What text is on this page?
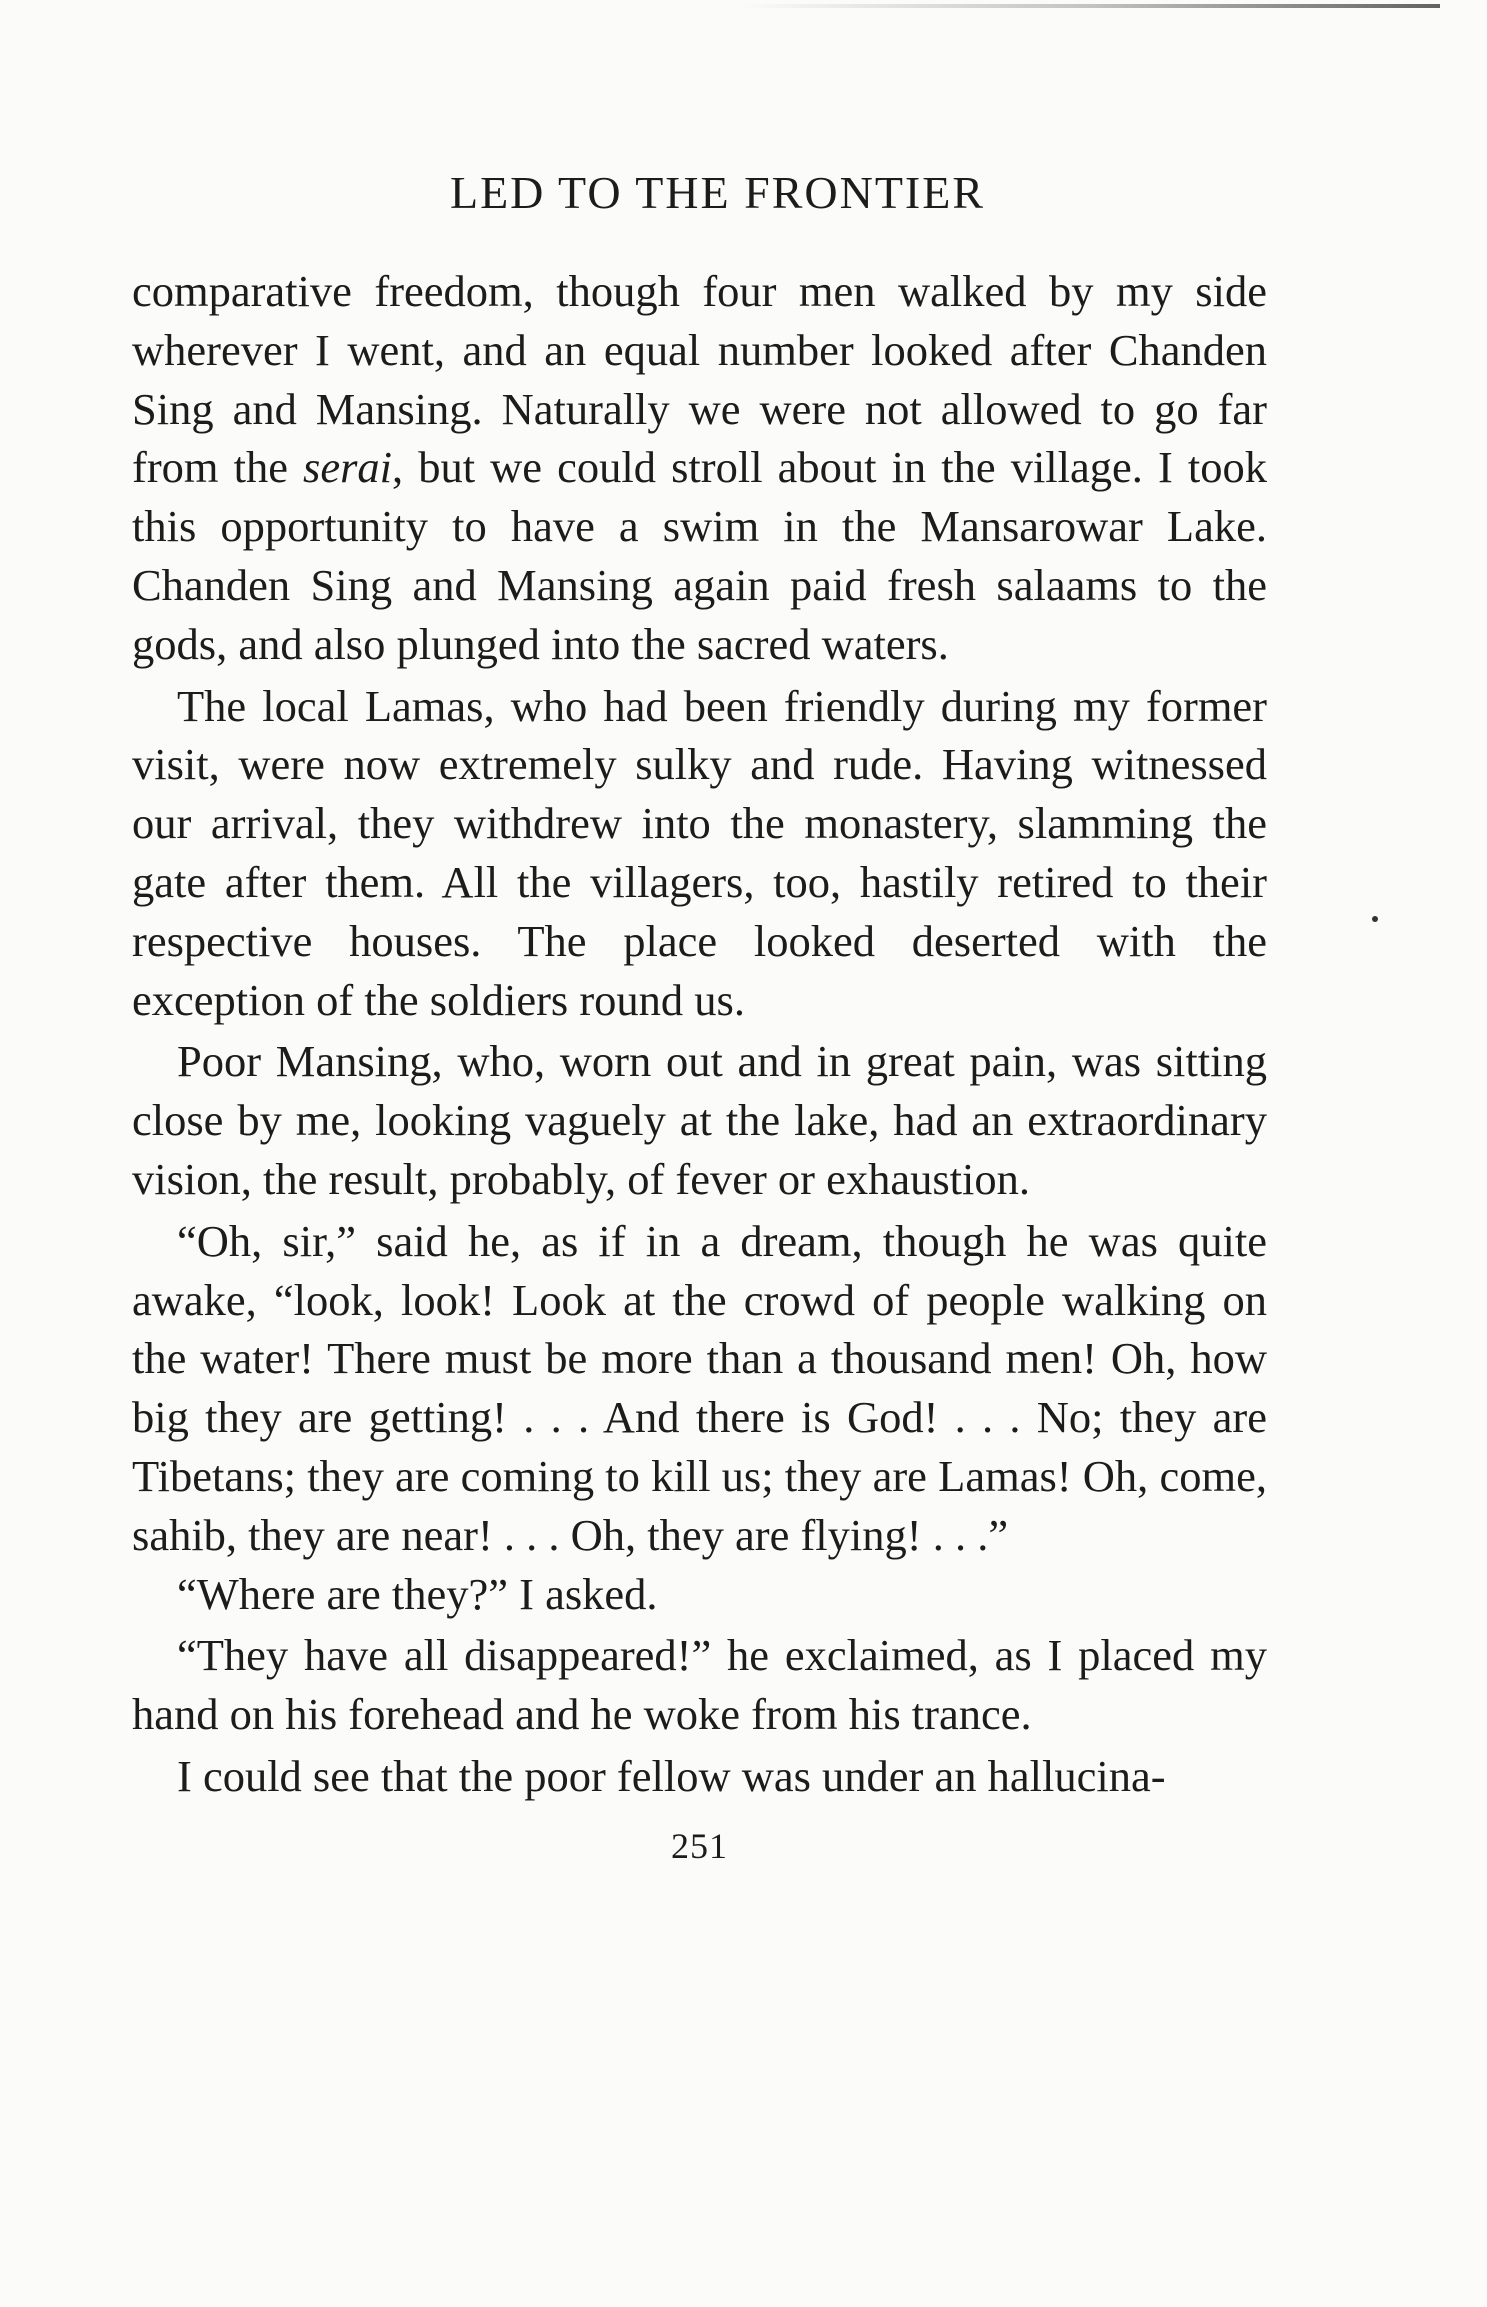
LED TO THE FRONTIER

comparative freedom, though four men walked by my side wherever I went, and an equal number looked after Chanden Sing and Mansing. Naturally we were not allowed to go far from the serai, but we could stroll about in the village. I took this opportunity to have a swim in the Mansarowar Lake. Chanden Sing and Mansing again paid fresh salaams to the gods, and also plunged into the sacred waters.

The local Lamas, who had been friendly during my former visit, were now extremely sulky and rude. Having witnessed our arrival, they withdrew into the monastery, slamming the gate after them. All the villagers, too, hastily retired to their respective houses. The place looked deserted with the exception of the soldiers round us.

Poor Mansing, who, worn out and in great pain, was sitting close by me, looking vaguely at the lake, had an extraordinary vision, the result, probably, of fever or exhaustion.

“Oh, sir,” said he, as if in a dream, though he was quite awake, “look, look! Look at the crowd of people walking on the water! There must be more than a thousand men! Oh, how big they are getting! . . . And there is God! . . . No; they are Tibetans; they are coming to kill us; they are Lamas! Oh, come, sahib, they are near! . . . Oh, they are flying! . . .”

“Where are they?” I asked.

“They have all disappeared!” he exclaimed, as I placed my hand on his forehead and he woke from his trance.

I could see that the poor fellow was under an hallucina-

251
